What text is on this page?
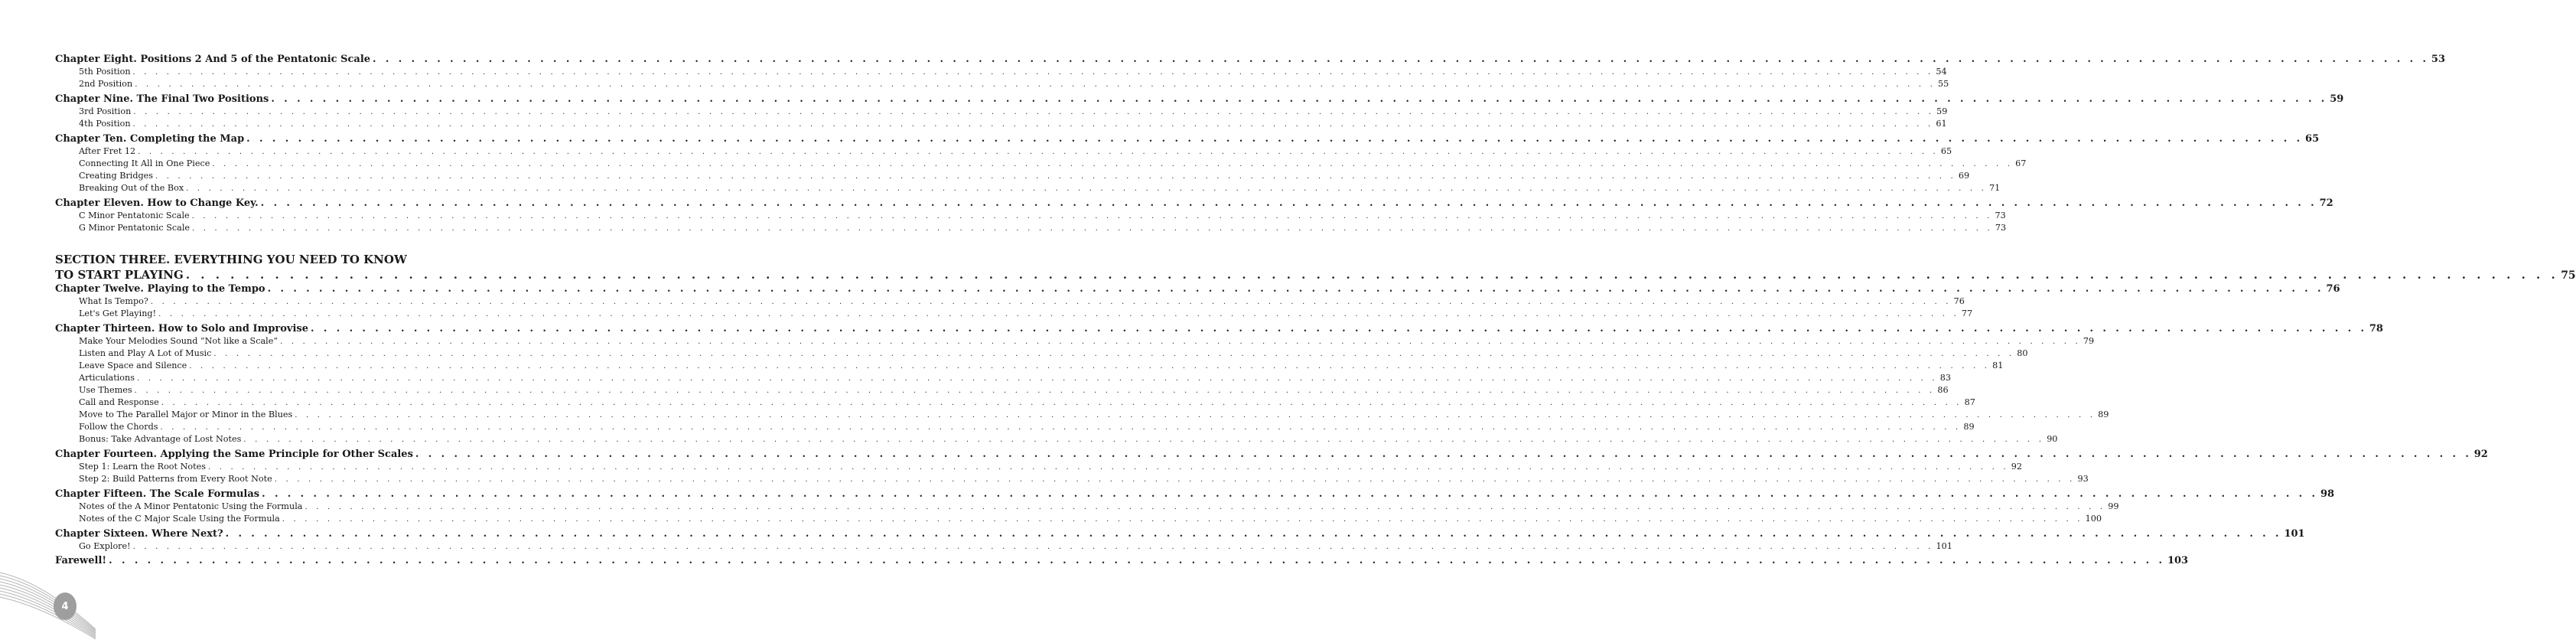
Chapter Eight. Positions 2 And 5 of the Pentatonic Scale . . . . . . . . . . . . . . . . . . . . . . . . . . . . . . . . . . . . . . . . . . . . . . . . . . . . . . . . . . . . . . . . . . . . . . . . . . . . . . . . . . . . . . . . . . . . . . . . . . . . . . . . . . . . . . . . . . . . . . . . . . . . . . . . . . . . . . . . . . . . . . . . . . . . . . . . . . . . . . . . 53
5th Position . . . . . . . . . . . . . . . . . . . . . . . . . . . . . . . . . . . . . . . . . . . . . . . . . . . . . . . . . . . . . . . . . . . . . . . . . . . . . . . . . . . . . . . . . . . . . . . . . . . . . . . . . . . . . . . . . . . . . . . . . . . . . . . . . . . . . . . . . . . . . . . . . . . . . . . . . . . . . . . . 54
2nd Position . . . . . . . . . . . . . . . . . . . . . . . . . . . . . . . . . . . . . . . . . . . . . . . . . . . . . . . . . . . . . . . . . . . . . . . . . . . . . . . . . . . . . . . . . . . . . . . . . . . . . . . . . . . . . . . . . . . . . . . . . . . . . . . . . . . . . . . . . . . . . . . . . . . . . . . . . . . . . . . . 55
Chapter Nine. The Final Two Positions . . . . . . . . . . . . . . . . . . . . . . . . . . . . . . . . . . . . . . . . . . . . . . . . . . . . . . . . . . . . . . . . . . . . . . . . . . . . . . . . . . . . . . . . . . . . . . . . . . . . . . . . . . . . . . . . . . . . . . . . . . . . . . . . . . . . . . . . . . . . . . . . . . . . . . . . . . . . . . . . 59
3rd Position . . . . . . . . . . . . . . . . . . . . . . . . . . . . . . . . . . . . . . . . . . . . . . . . . . . . . . . . . . . . . . . . . . . . . . . . . . . . . . . . . . . . . . . . . . . . . . . . . . . . . . . . . . . . . . . . . . . . . . . . . . . . . . . . . . . . . . . . . . . . . . . . . . . . . . . . . . . . . . . . 59
4th Position . . . . . . . . . . . . . . . . . . . . . . . . . . . . . . . . . . . . . . . . . . . . . . . . . . . . . . . . . . . . . . . . . . . . . . . . . . . . . . . . . . . . . . . . . . . . . . . . . . . . . . . . . . . . . . . . . . . . . . . . . . . . . . . . . . . . . . . . . . . . . . . . . . . . . . . . . . . . . . . . 61
Chapter Ten. Completing the Map . . . . . . . . . . . . . . . . . . . . . . . . . . . . . . . . . . . . . . . . . . . . . . . . . . . . . . . . . . . . . . . . . . . . . . . . . . . . . . . . . . . . . . . . . . . . . . . . . . . . . . . . . . . . . . . . . . . . . . . . . . . . . . . . . . . . . . . . . . . . . . . . . . . . . . . . . . . . . . . . 65
After Fret 12 . . . . . . . . . . . . . . . . . . . . . . . . . . . . . . . . . . . . . . . . . . . . . . . . . . . . . . . . . . . . . . . . . . . . . . . . . . . . . . . . . . . . . . . . . . . . . . . . . . . . . . . . . . . . . . . . . . . . . . . . . . . . . . . . . . . . . . . . . . . . . . . . . . . . . . . . . . . . . . . . 65
Connecting It All in One Piece . . . . . . . . . . . . . . . . . . . . . . . . . . . . . . . . . . . . . . . . . . . . . . . . . . . . . . . . . . . . . . . . . . . . . . . . . . . . . . . . . . . . . . . . . . . . . . . . . . . . . . . . . . . . . . . . . . . . . . . . . . . . . . . . . . . . . . . . . . . . . . . . . . . . . . . . . . . . . . . . 67
Creating Bridges . . . . . . . . . . . . . . . . . . . . . . . . . . . . . . . . . . . . . . . . . . . . . . . . . . . . . . . . . . . . . . . . . . . . . . . . . . . . . . . . . . . . . . . . . . . . . . . . . . . . . . . . . . . . . . . . . . . . . . . . . . . . . . . . . . . . . . . . . . . . . . . . . . . . . . . . . . . . . . . . 69
Breaking Out of the Box . . . . . . . . . . . . . . . . . . . . . . . . . . . . . . . . . . . . . . . . . . . . . . . . . . . . . . . . . . . . . . . . . . . . . . . . . . . . . . . . . . . . . . . . . . . . . . . . . . . . . . . . . . . . . . . . . . . . . . . . . . . . . . . . . . . . . . . . . . . . . . . . . . . . . . . . . . . . . . . . 71
Chapter Eleven. How to Change Key. . . . . . . . . . . . . . . . . . . . . . . . . . . . . . . . . . . . . . . . . . . . . . . . . . . . . . . . . . . . . . . . . . . . . . . . . . . . . . . . . . . . . . . . . . . . . . . . . . . . . . . . . . . . . . . . . . . . . . . . . . . . . . . . . . . . . . . . . . . . . . . . . . . . . . . . . . . . . . . . . 72
C Minor Pentatonic Scale . . . . . . . . . . . . . . . . . . . . . . . . . . . . . . . . . . . . . . . . . . . . . . . . . . . . . . . . . . . . . . . . . . . . . . . . . . . . . . . . . . . . . . . . . . . . . . . . . . . . . . . . . . . . . . . . . . . . . . . . . . . . . . . . . . . . . . . . . . . . . . . . . . . . . . . . . . . . . . . . 73
G Minor Pentatonic Scale . . . . . . . . . . . . . . . . . . . . . . . . . . . . . . . . . . . . . . . . . . . . . . . . . . . . . . . . . . . . . . . . . . . . . . . . . . . . . . . . . . . . . . . . . . . . . . . . . . . . . . . . . . . . . . . . . . . . . . . . . . . . . . . . . . . . . . . . . . . . . . . . . . . . . . . . . . . . . . . . 73
SECTION THREE. EVERYTHING YOU NEED TO KNOW
TO START PLAYING . . . . . . . . . . . . . . . . . . . . . . . . . . . . . . . . . . . . . . . . . . . . . . . . . . . . . . . . . . . . . . . . . . . . . . . . . . . . . . . . . . . . . . . . . . . . . . . . . . . . . . . . . . . . . . . . . . . . . . . . . . . . . . . . . . . . . . . . . . . . . . . . . . . . . . . . . . . . . . . . 75
Chapter Twelve. Playing to the Tempo . . . . . . . . . . . . . . . . . . . . . . . . . . . . . . . . . . . . . . . . . . . . . . . . . . . . . . . . . . . . . . . . . . . . . . . . . . . . . . . . . . . . . . . . . . . . . . . . . . . . . . . . . . . . . . . . . . . . . . . . . . . . . . . . . . . . . . . . . . . . . . . . . . . . . . . . . . . . . . . . 76
What Is Tempo? . . . . . . . . . . . . . . . . . . . . . . . . . . . . . . . . . . . . . . . . . . . . . . . . . . . . . . . . . . . . . . . . . . . . . . . . . . . . . . . . . . . . . . . . . . . . . . . . . . . . . . . . . . . . . . . . . . . . . . . . . . . . . . . . . . . . . . . . . . . . . . . . . . . . . . . . . . . . . . . . 76
Let's Get Playing! . . . . . . . . . . . . . . . . . . . . . . . . . . . . . . . . . . . . . . . . . . . . . . . . . . . . . . . . . . . . . . . . . . . . . . . . . . . . . . . . . . . . . . . . . . . . . . . . . . . . . . . . . . . . . . . . . . . . . . . . . . . . . . . . . . . . . . . . . . . . . . . . . . . . . . . . . . . . . . . . 77
Chapter Thirteen. How to Solo and Improvise . . . . . . . . . . . . . . . . . . . . . . . . . . . . . . . . . . . . . . . . . . . . . . . . . . . . . . . . . . . . . . . . . . . . . . . . . . . . . . . . . . . . . . . . . . . . . . . . . . . . . . . . . . . . . . . . . . . . . . . . . . . . . . . . . . . . . . . . . . . . . . . . . . . . . . . . . . . . . . . . 78
Make Your Melodies Sound “Not like a Scale” . . . . . . . . . . . . . . . . . . . . . . . . . . . . . . . . . . . . . . . . . . . . . . . . . . . . . . . . . . . . . . . . . . . . . . . . . . . . . . . . . . . . . . . . . . . . . . . . . . . . . . . . . . . . . . . . . . . . . . . . . . . . . . . . . . . . . . . . . . . . . . . . . . . . . . . . . . . . . . . . 79
Listen and Play A Lot of Music . . . . . . . . . . . . . . . . . . . . . . . . . . . . . . . . . . . . . . . . . . . . . . . . . . . . . . . . . . . . . . . . . . . . . . . . . . . . . . . . . . . . . . . . . . . . . . . . . . . . . . . . . . . . . . . . . . . . . . . . . . . . . . . . . . . . . . . . . . . . . . . . . . . . . . . . . . . . . . . . 80
Leave Space and Silence . . . . . . . . . . . . . . . . . . . . . . . . . . . . . . . . . . . . . . . . . . . . . . . . . . . . . . . . . . . . . . . . . . . . . . . . . . . . . . . . . . . . . . . . . . . . . . . . . . . . . . . . . . . . . . . . . . . . . . . . . . . . . . . . . . . . . . . . . . . . . . . . . . . . . . . . . . . . . . . . 81
Articulations . . . . . . . . . . . . . . . . . . . . . . . . . . . . . . . . . . . . . . . . . . . . . . . . . . . . . . . . . . . . . . . . . . . . . . . . . . . . . . . . . . . . . . . . . . . . . . . . . . . . . . . . . . . . . . . . . . . . . . . . . . . . . . . . . . . . . . . . . . . . . . . . . . . . . . . . . . . . . . . . 83
Use Themes . . . . . . . . . . . . . . . . . . . . . . . . . . . . . . . . . . . . . . . . . . . . . . . . . . . . . . . . . . . . . . . . . . . . . . . . . . . . . . . . . . . . . . . . . . . . . . . . . . . . . . . . . . . . . . . . . . . . . . . . . . . . . . . . . . . . . . . . . . . . . . . . . . . . . . . . . . . . . . . . 86
Call and Response . . . . . . . . . . . . . . . . . . . . . . . . . . . . . . . . . . . . . . . . . . . . . . . . . . . . . . . . . . . . . . . . . . . . . . . . . . . . . . . . . . . . . . . . . . . . . . . . . . . . . . . . . . . . . . . . . . . . . . . . . . . . . . . . . . . . . . . . . . . . . . . . . . . . . . . . . . . . . . . . 87
Move to The Parallel Major or Minor in the Blues . . . . . . . . . . . . . . . . . . . . . . . . . . . . . . . . . . . . . . . . . . . . . . . . . . . . . . . . . . . . . . . . . . . . . . . . . . . . . . . . . . . . . . . . . . . . . . . . . . . . . . . . . . . . . . . . . . . . . . . . . . . . . . . . . . . . . . . . . . . . . . . . . . . . . . . . . . . . . . . . 89
Follow the Chords . . . . . . . . . . . . . . . . . . . . . . . . . . . . . . . . . . . . . . . . . . . . . . . . . . . . . . . . . . . . . . . . . . . . . . . . . . . . . . . . . . . . . . . . . . . . . . . . . . . . . . . . . . . . . . . . . . . . . . . . . . . . . . . . . . . . . . . . . . . . . . . . . . . . . . . . . . . . . . . . 89
Bonus: Take Advantage of Lost Notes . . . . . . . . . . . . . . . . . . . . . . . . . . . . . . . . . . . . . . . . . . . . . . . . . . . . . . . . . . . . . . . . . . . . . . . . . . . . . . . . . . . . . . . . . . . . . . . . . . . . . . . . . . . . . . . . . . . . . . . . . . . . . . . . . . . . . . . . . . . . . . . . . . . . . . . . . . . . . . . . 90
Chapter Fourteen. Applying the Same Principle for Other Scales . . . . . . . . . . . . . . . . . . . . . . . . . . . . . . . . . . . . . . . . . . . . . . . . . . . . . . . . . . . . . . . . . . . . . . . . . . . . . . . . . . . . . . . . . . . . . . . . . . . . . . . . . . . . . . . . . . . . . . . . . . . . . . . . . . . . . . . . . . . . . . . . . . . . . . . . . . . . . . . . 92
Step 1: Learn the Root Notes . . . . . . . . . . . . . . . . . . . . . . . . . . . . . . . . . . . . . . . . . . . . . . . . . . . . . . . . . . . . . . . . . . . . . . . . . . . . . . . . . . . . . . . . . . . . . . . . . . . . . . . . . . . . . . . . . . . . . . . . . . . . . . . . . . . . . . . . . . . . . . . . . . . . . . . . . . . . . . . . 92
Step 2: Build Patterns from Every Root Note . . . . . . . . . . . . . . . . . . . . . . . . . . . . . . . . . . . . . . . . . . . . . . . . . . . . . . . . . . . . . . . . . . . . . . . . . . . . . . . . . . . . . . . . . . . . . . . . . . . . . . . . . . . . . . . . . . . . . . . . . . . . . . . . . . . . . . . . . . . . . . . . . . . . . . . . . . . . . . . . 93
Chapter Fifteen. The Scale Formulas . . . . . . . . . . . . . . . . . . . . . . . . . . . . . . . . . . . . . . . . . . . . . . . . . . . . . . . . . . . . . . . . . . . . . . . . . . . . . . . . . . . . . . . . . . . . . . . . . . . . . . . . . . . . . . . . . . . . . . . . . . . . . . . . . . . . . . . . . . . . . . . . . . . . . . . . . . . . . . . . 98
Notes of the A Minor Pentatonic Using the Formula . . . . . . . . . . . . . . . . . . . . . . . . . . . . . . . . . . . . . . . . . . . . . . . . . . . . . . . . . . . . . . . . . . . . . . . . . . . . . . . . . . . . . . . . . . . . . . . . . . . . . . . . . . . . . . . . . . . . . . . . . . . . . . . . . . . . . . . . . . . . . . . . . . . . . . . . . . . . . . . . 99
Notes of the C Major Scale Using the Formula . . . . . . . . . . . . . . . . . . . . . . . . . . . . . . . . . . . . . . . . . . . . . . . . . . . . . . . . . . . . . . . . . . . . . . . . . . . . . . . . . . . . . . . . . . . . . . . . . . . . . . . . . . . . . . . . . . . . . . . . . . . . . . . . . . . . . . . . . . . . . . . . . . . . . . . . . . . . . . . . 100
Chapter Sixteen. Where Next? . . . . . . . . . . . . . . . . . . . . . . . . . . . . . . . . . . . . . . . . . . . . . . . . . . . . . . . . . . . . . . . . . . . . . . . . . . . . . . . . . . . . . . . . . . . . . . . . . . . . . . . . . . . . . . . . . . . . . . . . . . . . . . . . . . . . . . . . . . . . . . . . . . . . . . . . . . . . . . . . 101
Go Explore! . . . . . . . . . . . . . . . . . . . . . . . . . . . . . . . . . . . . . . . . . . . . . . . . . . . . . . . . . . . . . . . . . . . . . . . . . . . . . . . . . . . . . . . . . . . . . . . . . . . . . . . . . . . . . . . . . . . . . . . . . . . . . . . . . . . . . . . . . . . . . . . . . . . . . . . . . . . . . . . . 101
Farewell! . . . . . . . . . . . . . . . . . . . . . . . . . . . . . . . . . . . . . . . . . . . . . . . . . . . . . . . . . . . . . . . . . . . . . . . . . . . . . . . . . . . . . . . . . . . . . . . . . . . . . . . . . . . . . . . . . . . . . . . . . . . . . . . . . . . . . . . . . . . . . . . . . . . . . . . . . . . . . . . . 103
4
